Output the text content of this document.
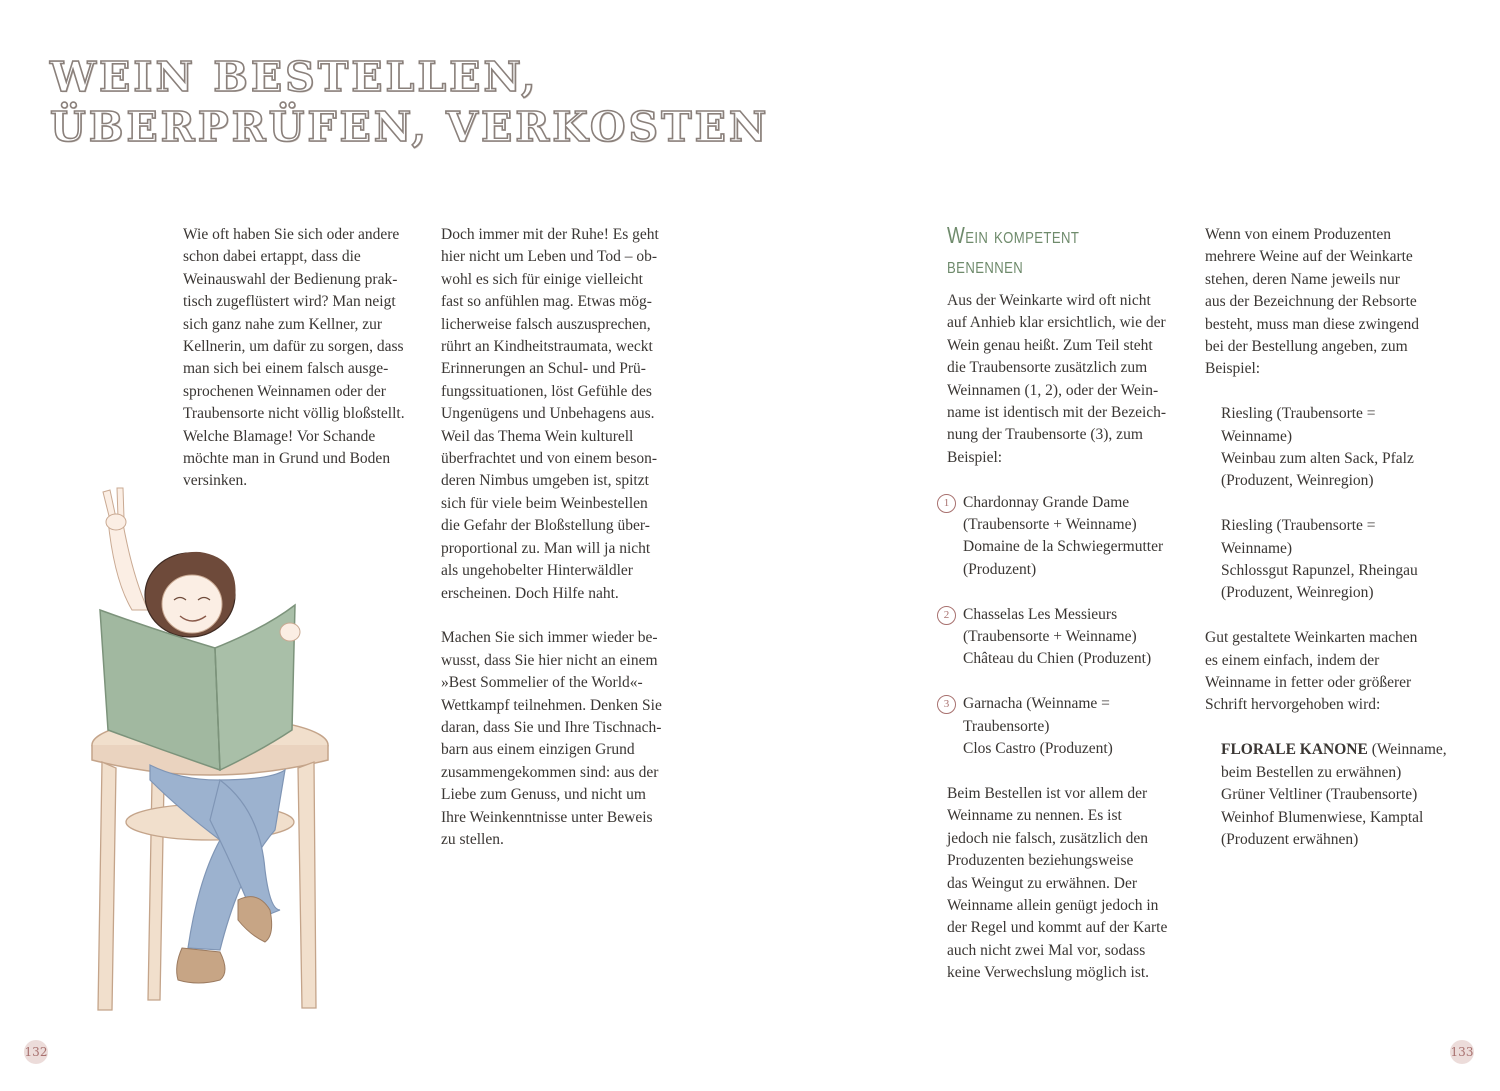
WEIN BESTELLEN,
ÜBERPRÜFEN, VERKOSTEN

Wie oft haben Sie sich oder andere
schon dabei ertappt, dass die
Weinauswahl der Bedienung prak-
tisch zugeflüstert wird? Man neigt
sich ganz nahe zum Kellner, zur
Kellnerin, um dafür zu sorgen, dass
man sich bei einem falsch ausge-
sprochenen Weinnamen oder der
Traubensorte nicht völlig bloßstellt.
Welche Blamage! Vor Schande
möchte man in Grund und Boden
versinken.

Doch immer mit der Ruhe! Es geht
hier nicht um Leben und Tod – ob-
wohl es sich für einige vielleicht
fast so anfühlen mag. Etwas mög-
licherweise falsch auszusprechen,
rührt an Kindheitstraumata, weckt
Erinnerungen an Schul- und Prü-
fungssituationen, löst Gefühle des
Ungenügens und Unbehagens aus.
Weil das Thema Wein kulturell
überfrachtet und von einem beson-
deren Nimbus umgeben ist, spitzt
sich für viele beim Weinbestellen
die Gefahr der Bloßstellung über-
proportional zu. Man will ja nicht
als ungehobelter Hinterwäldler
erscheinen. Doch Hilfe naht.

Machen Sie sich immer wieder be-
wusst, dass Sie hier nicht an einem
»Best Sommelier of the World«-
Wettkampf teilnehmen. Denken Sie
daran, dass Sie und Ihre Tischnach-
barn aus einem einzigen Grund
zusammengekommen sind: aus der
Liebe zum Genuss, und nicht um
Ihre Weinkenntnisse unter Beweis
zu stellen.

Wein kompetent benennen

Aus der Weinkarte wird oft nicht
auf Anhieb klar ersichtlich, wie der
Wein genau heißt. Zum Teil steht
die Traubensorte zusätzlich zum
Weinnamen (1, 2), oder der Wein-
name ist identisch mit der Bezeich-
nung der Traubensorte (3), zum
Beispiel:

1 Chardonnay Grande Dame
(Traubensorte + Weinname)
Domaine de la Schwiegermutter
(Produzent)
2 Chasselas Les Messieurs
(Traubensorte + Weinname)
Château du Chien (Produzent)
3 Garnacha (Weinname =
Traubensorte)
Clos Castro (Produzent)

Beim Bestellen ist vor allem der
Weinname zu nennen. Es ist
jedoch nie falsch, zusätzlich den
Produzenten beziehungsweise
das Weingut zu erwähnen. Der
Weinname allein genügt jedoch in
der Regel und kommt auf der Karte
auch nicht zwei Mal vor, sodass
keine Verwechslung möglich ist.

Wenn von einem Produzenten
mehrere Weine auf der Weinkarte
stehen, deren Name jeweils nur
aus der Bezeichnung der Rebsorte
besteht, muss man diese zwingend
bei der Bestellung angeben, zum
Beispiel:

Riesling (Traubensorte =
Weinname)
Weinbau zum alten Sack, Pfalz
(Produzent, Weinregion)
Riesling (Traubensorte =
Weinname)
Schlossgut Rapunzel, Rheingau
(Produzent, Weinregion)

Gut gestaltete Weinkarten machen
es einem einfach, indem der
Weinname in fetter oder größerer
Schrift hervorgehoben wird:

FLORALE KANONE (Weinname,
beim Bestellen zu erwähnen)
Grüner Veltliner (Traubensorte)
Weinhof Blumenwiese, Kamptal
(Produzent erwähnen)
132	133
